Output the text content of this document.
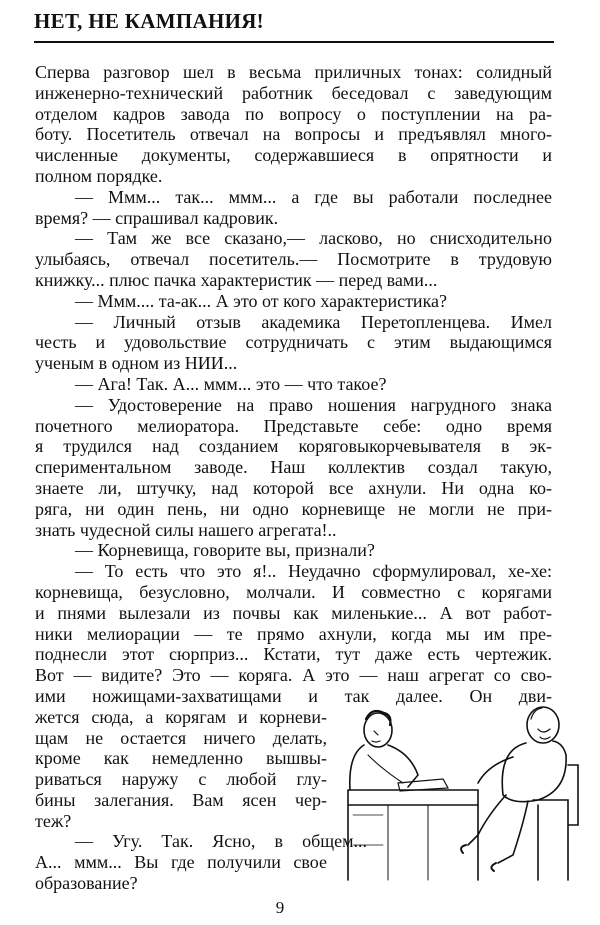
НЕТ, НЕ КАМПАНИЯ!
Сперва разговор шел в весьма приличных тонах: солидный
инженерно-технический работник беседовал с заведующим
отделом кадров завода по вопросу о поступлении на ра-
боту. Посетитель отвечал на вопросы и предъявлял много-
численные документы, содержавшиеся в опрятности и
полном порядке.
— Ммм... так... ммм... а где вы работали последнее
время? — спрашивал кадровик.
— Там же все сказано,— ласково, но снисходительно
улыбаясь, отвечал посетитель.— Посмотрите в трудовую
книжку... плюс пачка характеристик — перед вами...
— Ммм.... та-ак... А это от кого характеристика?
— Личный отзыв академика Перетопленцева. Имел
честь и удовольствие сотрудничать с этим выдающимся
ученым в одном из НИИ...
— Ага! Так. А... ммм... это — что такое?
— Удостоверение на право ношения нагрудного знака
почетного мелиоратора. Представьте себе: одно время
я трудился над созданием коряговыкорчевывателя в эк-
спериментальном заводе. Наш коллектив создал такую,
знаете ли, штучку, над которой все ахнули. Ни одна ко-
ряга, ни один пень, ни одно корневище не могли не при-
знать чудесной силы нашего агрегата!..
— Корневища, говорите вы, признали?
— То есть что это я!.. Неудачно сформулировал, хе-хе:
корневища, безусловно, молчали. И совместно с корягами
и пнями вылезали из почвы как миленькие... А вот работ-
ники мелиорации — те прямо ахнули, когда мы им пре-
поднесли этот сюрприз... Кстати, тут даже есть чертежик.
Вот — видите? Это — коряга. А это — наш агрегат со сво-
ими ножищами-захватищами и так далее. Он дви-
жется сюда, а корягам и корневи-
щам не остается ничего делать,
кроме как немедленно вышвы-
риваться наружу с любой глу-
бины залегания. Вам ясен чер-
теж?
— Угу. Так. Ясно, в общем...
А... ммм... Вы где получили свое
образование?
9
